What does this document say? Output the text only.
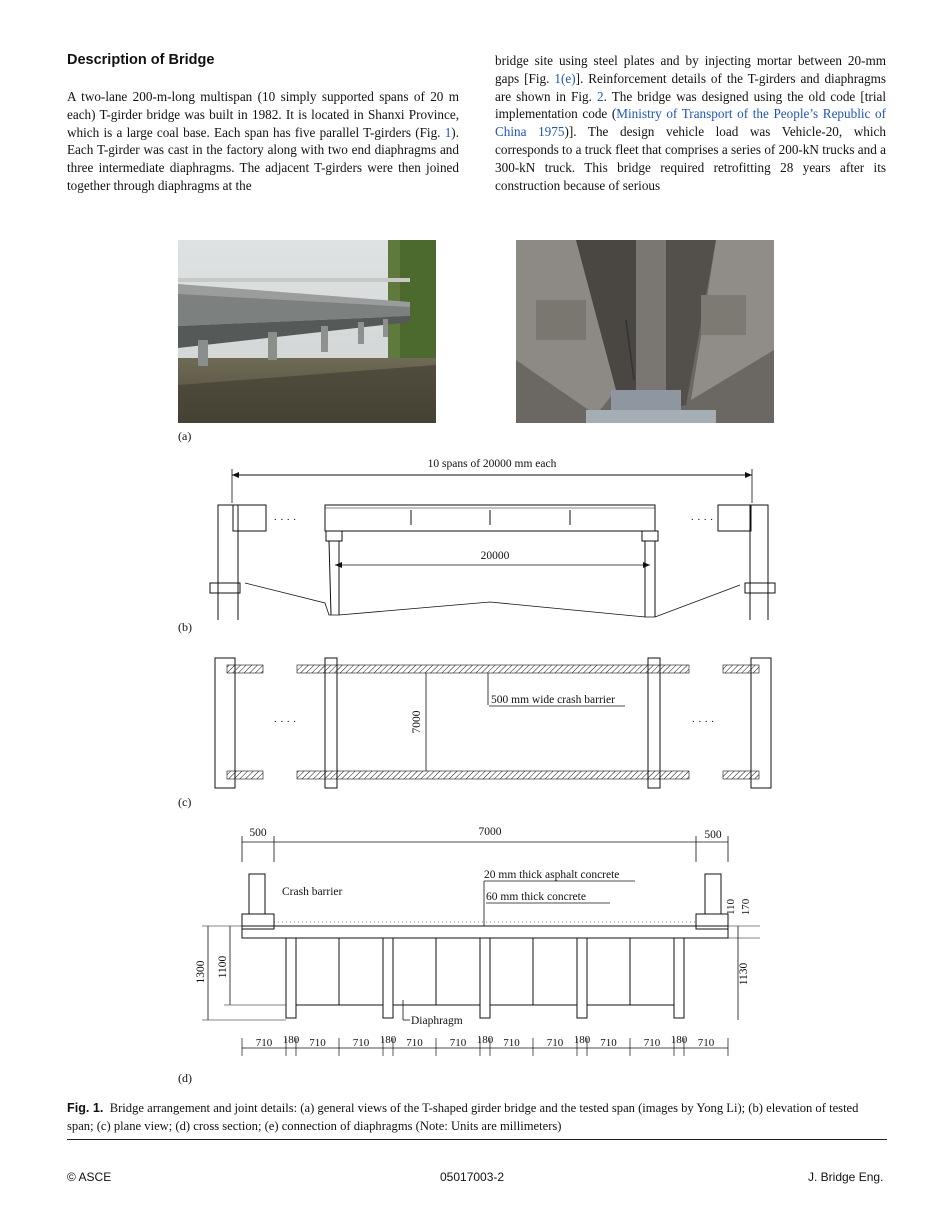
Description of Bridge

A two-lane 200-m-long multispan (10 simply supported spans of 20 m each) T-girder bridge was built in 1982. It is located in Shanxi Province, which is a large coal base. Each span has five parallel T-girders (Fig. 1). Each T-girder was cast in the factory along with two end diaphragms and three intermediate diaphragms. The adjacent T-girders were then joined together through diaphragms at the

bridge site using steel plates and by injecting mortar between 20-mm gaps [Fig. 1(e)]. Reinforcement details of the T-girders and diaphragms are shown in Fig. 2. The bridge was designed using the old code [trial implementation code (Ministry of Transport of the People’s Republic of China 1975)]. The design vehicle load was Vehicle-20, which corresponds to a truck fleet that comprises a series of 200-kN trucks and a 300-kN truck. This bridge required retrofitting 28 years after its construction because of serious

(a)
10 spans of 20000 mm each
· · · ·
20000
· · · ·
(b)
· · · ·	7000
500 mm wide crash barrier
· · · ·
(c)
500	7000	500
Crash barrier
20 mm thick asphalt concrete
60 mm thick concrete
Diaphragm
1300 1100
110 170
1130
710 180 710 710 180 710 710 180 710 710 180 710 710 180 710
(d)
Fig. 1. Bridge arrangement and joint details: (a) general views of the T-shaped girder bridge and the tested span (images by Yong Li); (b) elevation of tested span; (c) plane view; (d) cross section; (e) connection of diaphragms (Note: Units are millimeters)
© ASCE	05017003-2	J. Bridge Eng.
